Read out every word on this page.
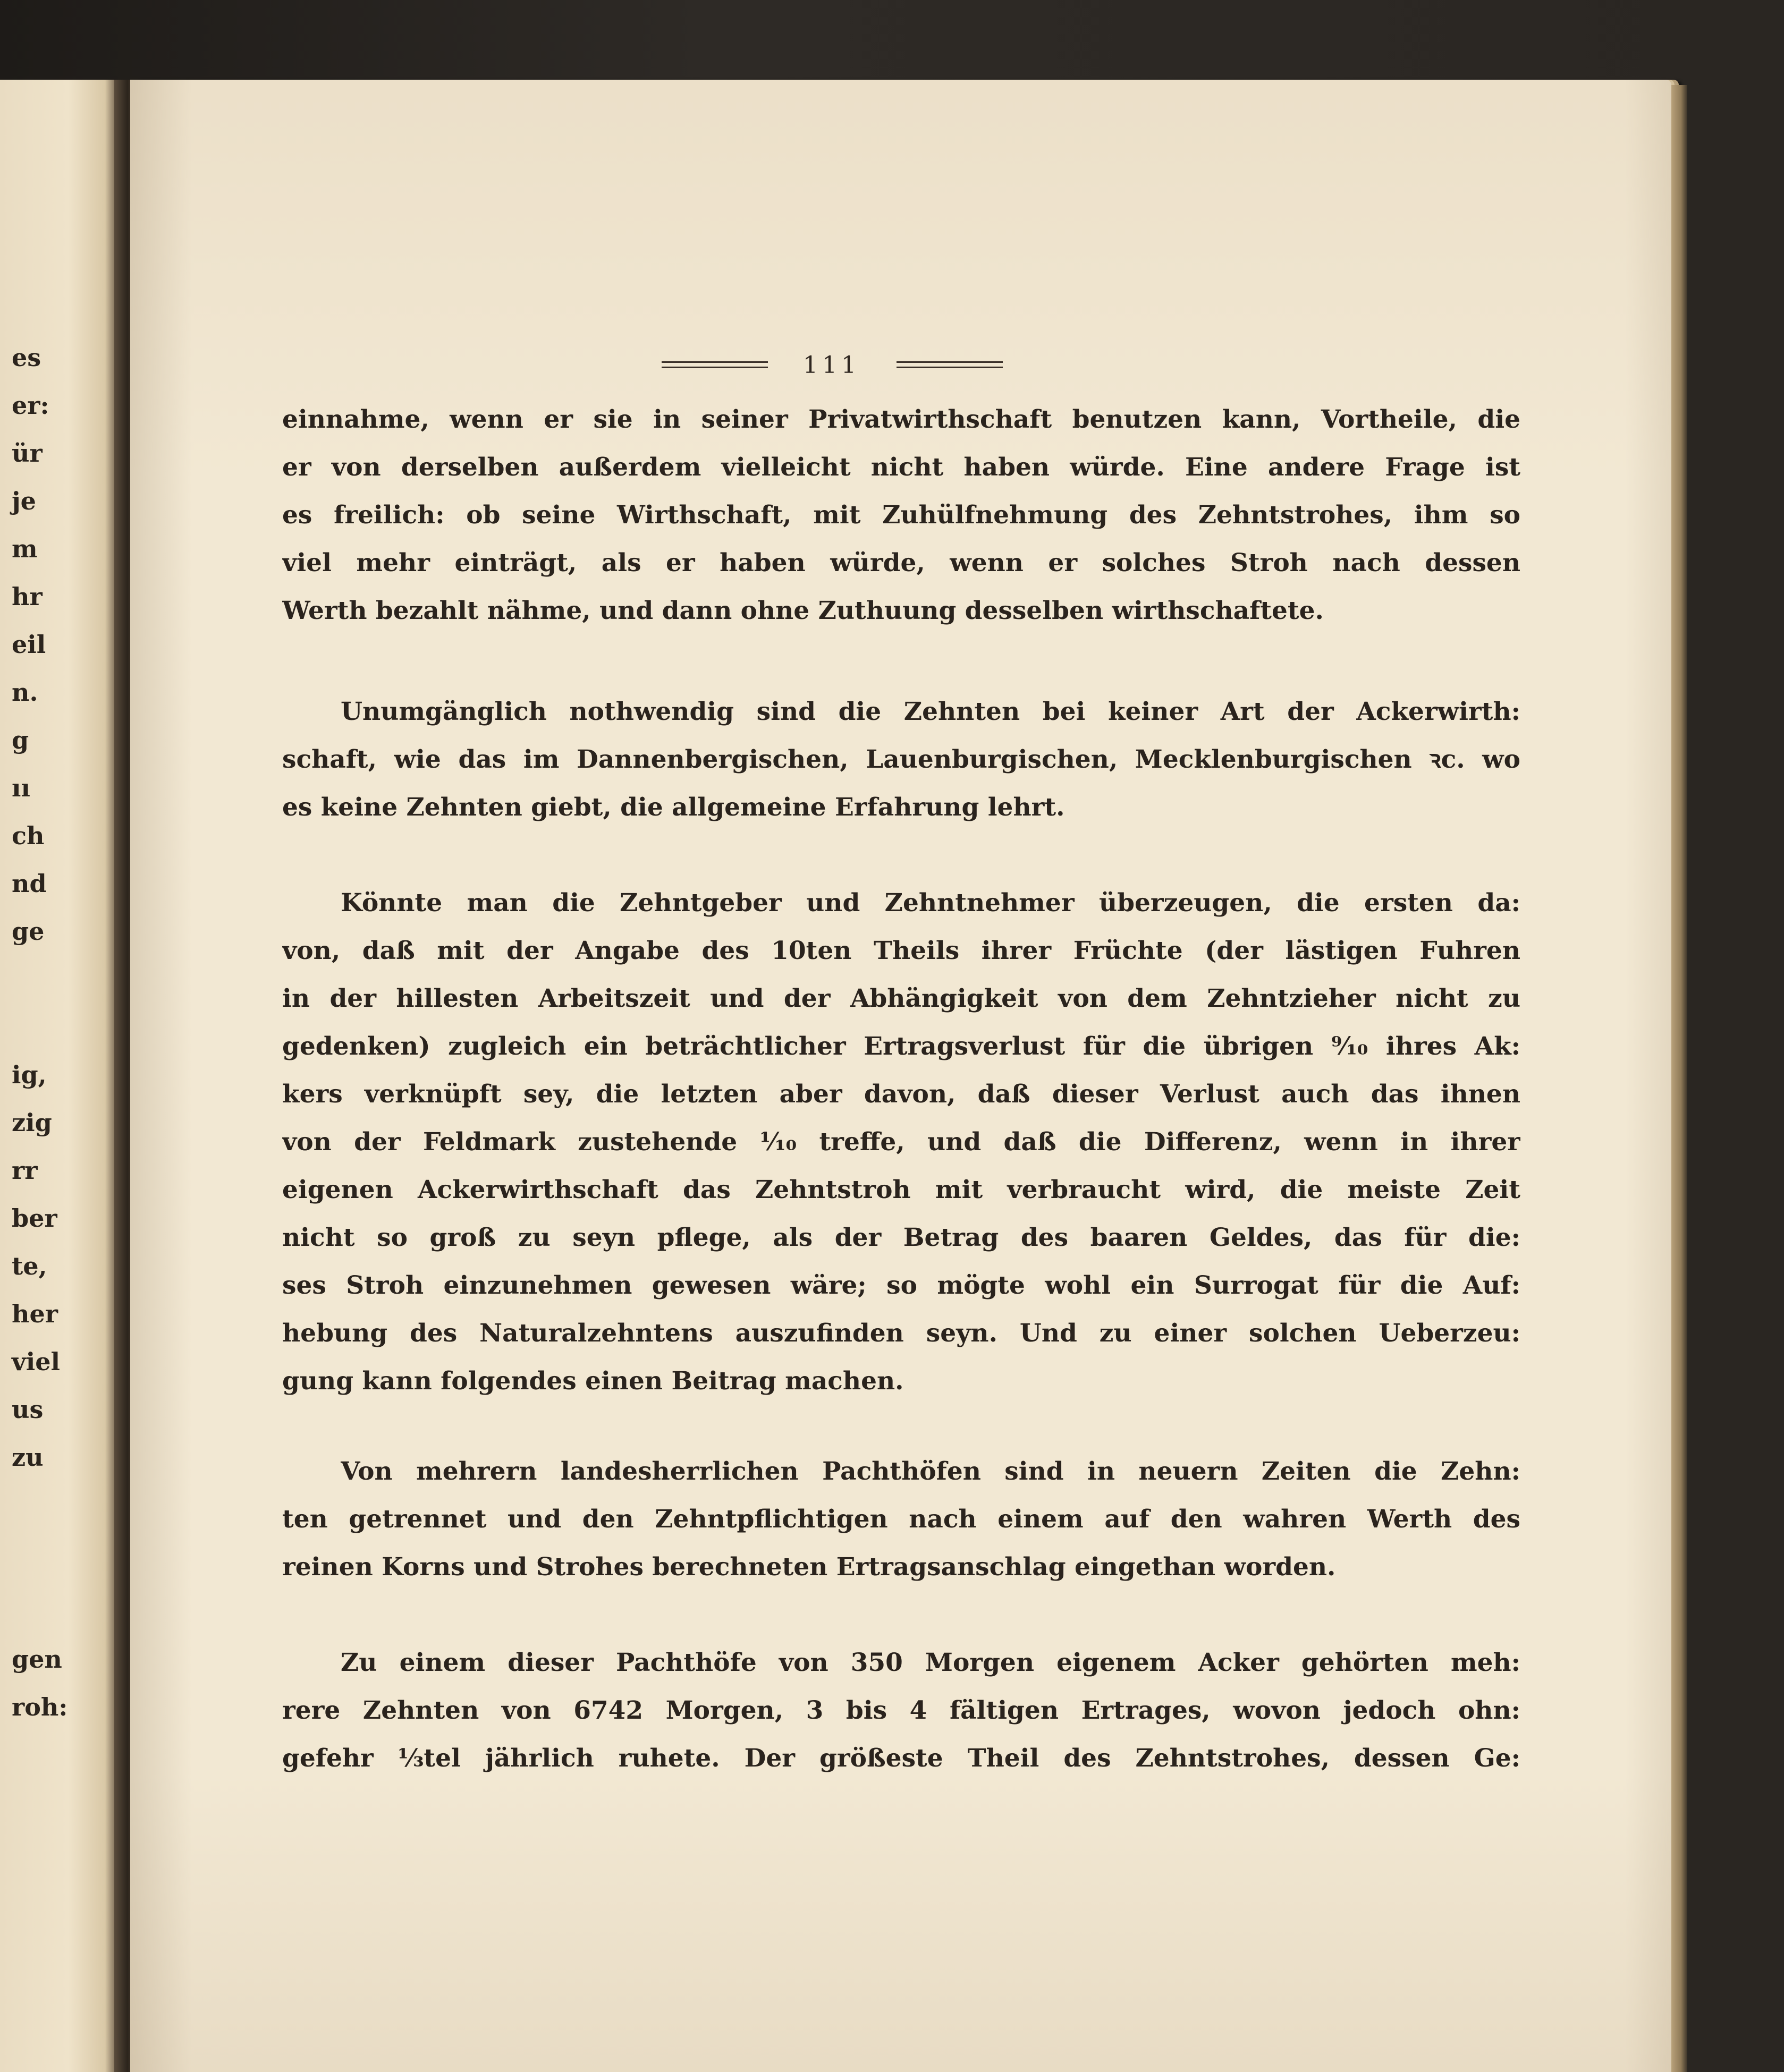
es
er:
ür
je
m
hr
eil
n.
g
ıı
ch
nd
ge
ig,
zig
rr
ber
te,
her
viel
us
zu
gen
roh:
111
einnahme, wenn er sie in seiner Privatwirthschaft benutzen kann, Vortheile, die
er von derselben außerdem vielleicht nicht haben würde. Eine andere Frage ist
es freilich: ob seine Wirthschaft, mit Zuhülfnehmung des Zehntstrohes, ihm so
viel mehr einträgt, als er haben würde, wenn er solches Stroh nach dessen
Werth bezahlt nähme, und dann ohne Zuthuung desselben wirthschaftete.
Unumgänglich nothwendig sind die Zehnten bei keiner Art der Ackerwirth:
schaft, wie das im Dannenbergischen, Lauenburgischen, Mecklenburgischen ꝛc. wo
es keine Zehnten giebt, die allgemeine Erfahrung lehrt.
Könnte man die Zehntgeber und Zehntnehmer überzeugen, die ersten da:
von, daß mit der Angabe des 10ten Theils ihrer Früchte (der lästigen Fuhren
in der hillesten Arbeitszeit und der Abhängigkeit von dem Zehntzieher nicht zu
gedenken) zugleich ein beträchtlicher Ertragsverlust für die übrigen ⁹⁄₁₀ ihres Ak:
kers verknüpft sey, die letzten aber davon, daß dieser Verlust auch das ihnen
von der Feldmark zustehende ¹⁄₁₀ treffe, und daß die Differenz, wenn in ihrer
eigenen Ackerwirthschaft das Zehntstroh mit verbraucht wird, die meiste Zeit
nicht so groß zu seyn pflege, als der Betrag des baaren Geldes, das für die:
ses Stroh einzunehmen gewesen wäre; so mögte wohl ein Surrogat für die Auf:
hebung des Naturalzehntens auszufinden seyn. Und zu einer solchen Ueberzeu:
gung kann folgendes einen Beitrag machen.
Von mehrern landesherrlichen Pachthöfen sind in neuern Zeiten die Zehn:
ten getrennet und den Zehntpflichtigen nach einem auf den wahren Werth des
reinen Korns und Strohes berechneten Ertragsanschlag eingethan worden.
Zu einem dieser Pachthöfe von 350 Morgen eigenem Acker gehörten meh:
rere Zehnten von 6742 Morgen, 3 bis 4 fältigen Ertrages, wovon jedoch ohn:
gefehr ⅓tel jährlich ruhete. Der größeste Theil des Zehntstrohes, dessen Ge:
